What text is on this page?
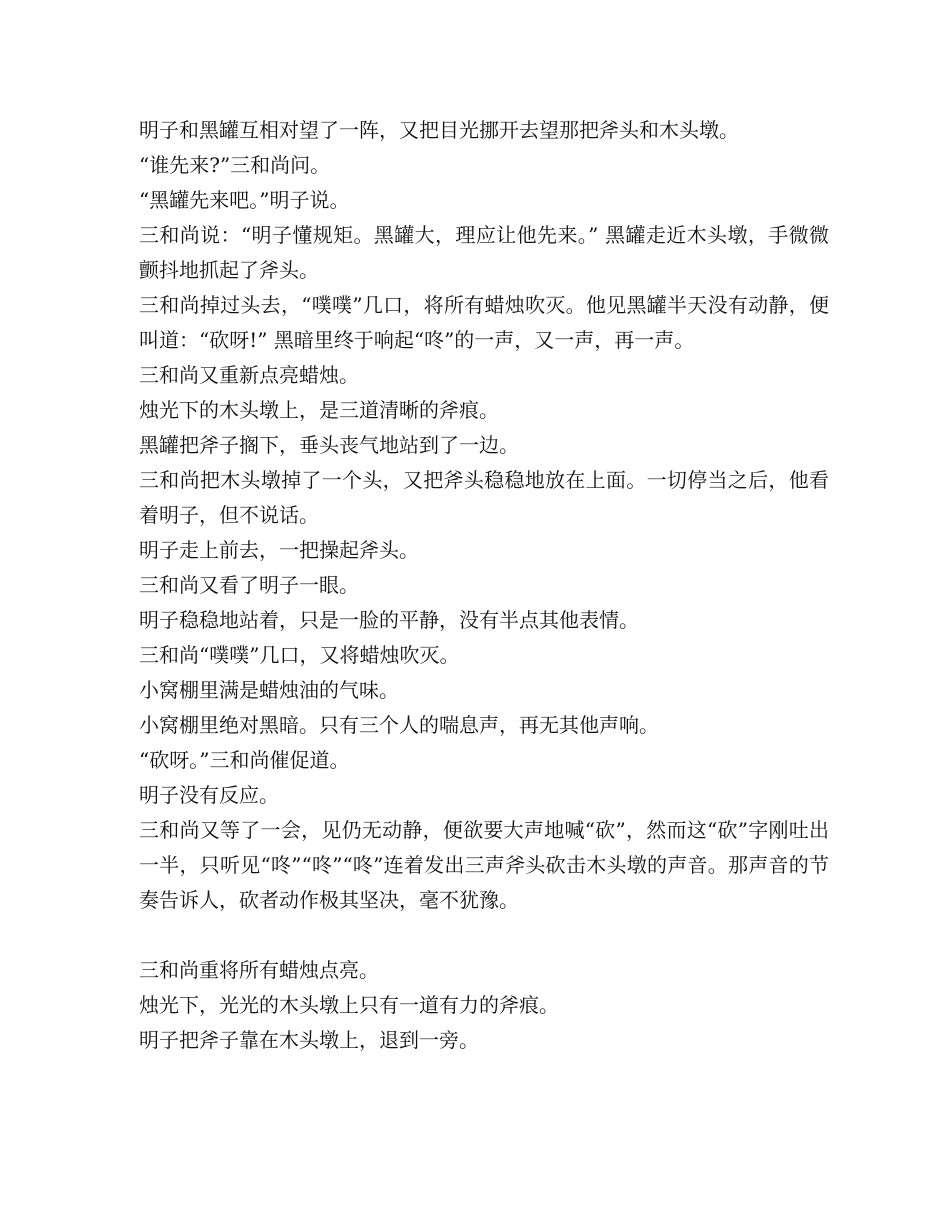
明子和黑罐互相对望了一阵，又把目光挪开去望那把斧头和木头墩。

“谁先来?”三和尚问。

“黑罐先来吧。”明子说。

三和尚说：“明子懂规矩。黑罐大，理应让他先来。” 黑罐走近木头墩，手微微颤抖地抓起了斧头。

三和尚掉过头去，“噗噗”几口，将所有蜡烛吹灭。他见黑罐半天没有动静，便叫道：“砍呀!” 黑暗里终于响起“咚”的一声，又一声，再一声。

三和尚又重新点亮蜡烛。

烛光下的木头墩上，是三道清晰的斧痕。

黑罐把斧子搁下，垂头丧气地站到了一边。

三和尚把木头墩掉了一个头，又把斧头稳稳地放在上面。一切停当之后，他看着明子，但不说话。

明子走上前去，一把操起斧头。

三和尚又看了明子一眼。

明子稳稳地站着，只是一脸的平静，没有半点其他表情。

三和尚“噗噗”几口，又将蜡烛吹灭。

小窝棚里满是蜡烛油的气味。

小窝棚里绝对黑暗。只有三个人的喘息声，再无其他声响。

“砍呀。”三和尚催促道。

明子没有反应。

三和尚又等了一会，见仍无动静，便欲要大声地喊“砍”，然而这“砍”字刚吐出一半，只听见“咚”“咚”“咚”连着发出三声斧头砍击木头墩的声音。那声音的节奏告诉人，砍者动作极其坚决，毫不犹豫。

三和尚重将所有蜡烛点亮。

烛光下，光光的木头墩上只有一道有力的斧痕。

明子把斧子靠在木头墩上，退到一旁。
